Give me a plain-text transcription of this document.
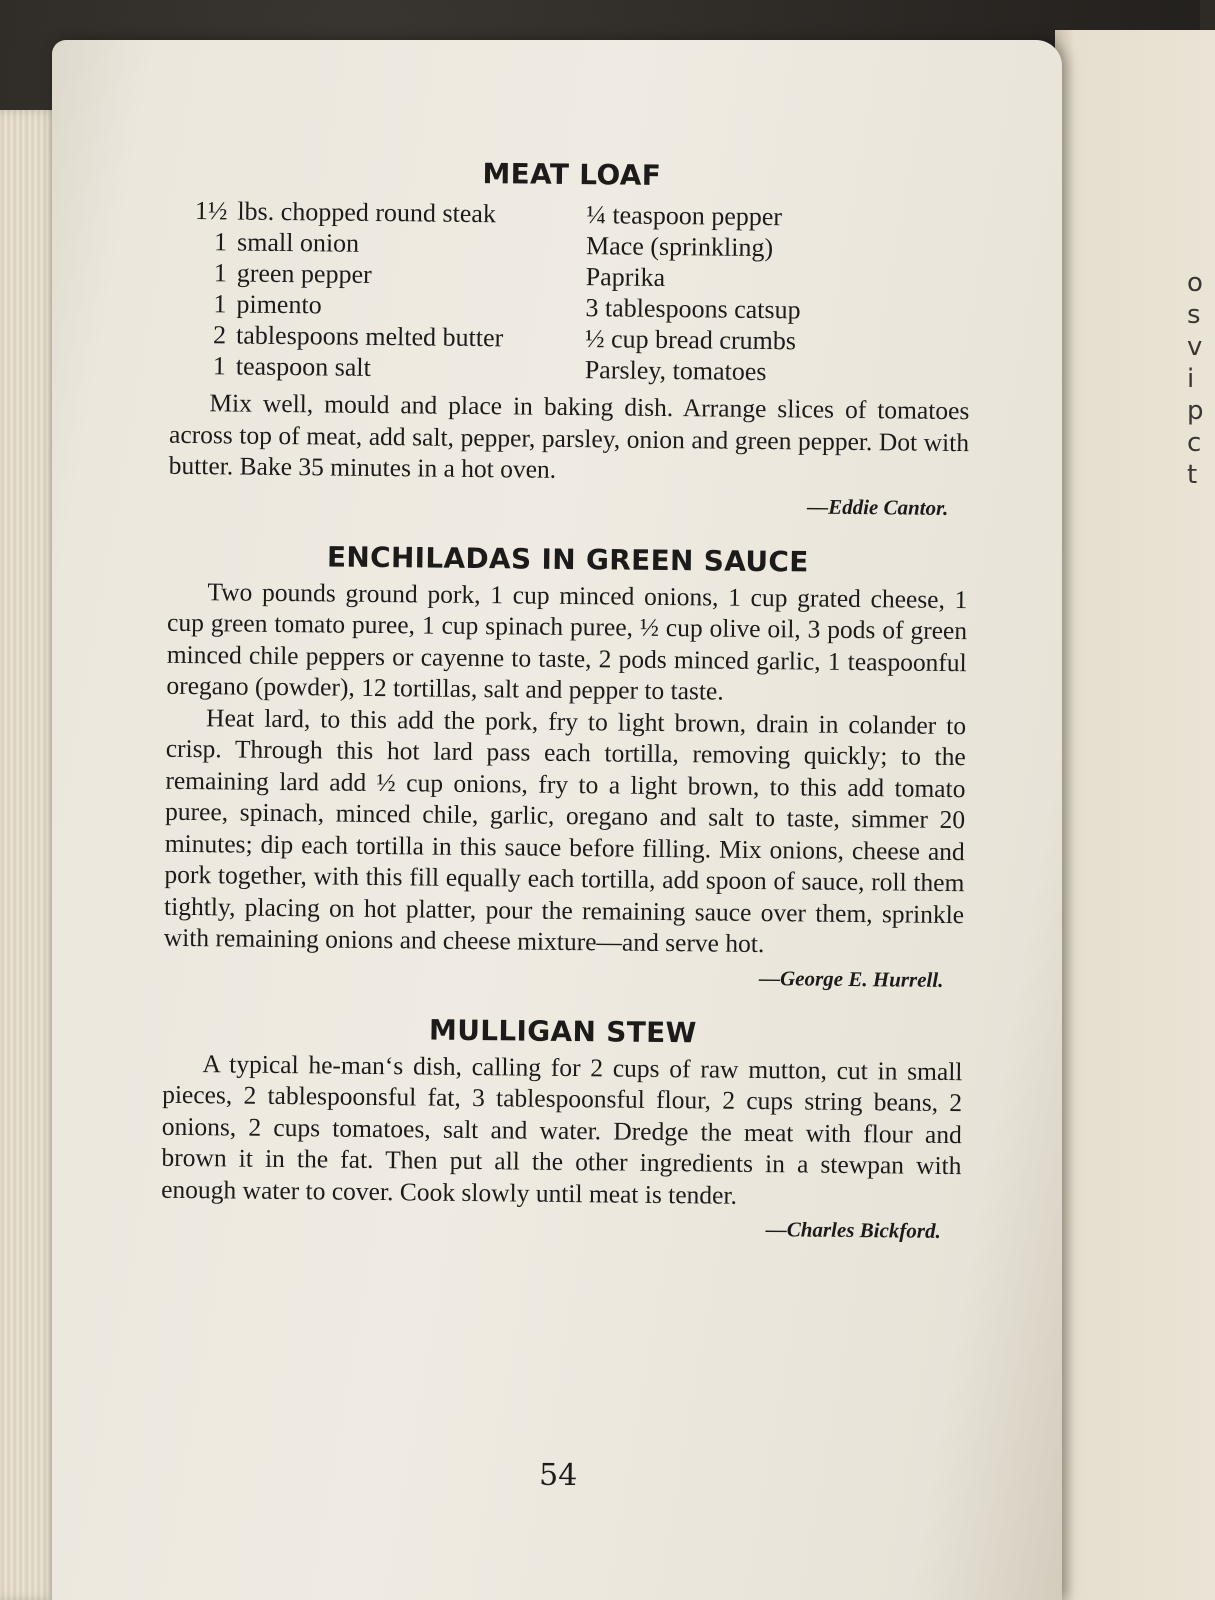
o
s
v
i
p
c
t
MEAT LOAF
1½ lbs. chopped round steak
1 small onion
1 green pepper
1 pimento
2 tablespoons melted butter
1 teaspoon salt
¼ teaspoon pepper
Mace (sprinkling)
Paprika
3 tablespoons catsup
½ cup bread crumbs
Parsley, tomatoes

Mix well, mould and place in baking dish. Arrange slices of tomatoes across top of meat, add salt, pepper, parsley, onion and green pepper. Dot with butter. Bake 35 minutes in a hot oven.

—Eddie Cantor.
ENCHILADAS IN GREEN SAUCE

Two pounds ground pork, 1 cup minced onions, 1 cup grated cheese, 1 cup green tomato puree, 1 cup spinach puree, ½ cup olive oil, 3 pods of green minced chile peppers or cayenne to taste, 2 pods minced garlic, 1 teaspoonful oregano (powder), 12 tortillas, salt and pepper to taste.

Heat lard, to this add the pork, fry to light brown, drain in colander to crisp. Through this hot lard pass each tortilla, removing quickly; to the remaining lard add ½ cup onions, fry to a light brown, to this add tomato puree, spinach, minced chile, garlic, oregano and salt to taste, simmer 20 minutes; dip each tortilla in this sauce before filling. Mix onions, cheese and pork together, with this fill equally each tortilla, add spoon of sauce, roll them tightly, placing on hot platter, pour the remaining sauce over them, sprinkle with remaining onions and cheese mixture—and serve hot.

—George E. Hurrell.
MULLIGAN STEW

A typical he-man‘s dish, calling for 2 cups of raw mutton, cut in small pieces, 2 tablespoonsful fat, 3 tablespoonsful flour, 2 cups string beans, 2 onions, 2 cups tomatoes, salt and water. Dredge the meat with flour and brown it in the fat. Then put all the other ingredients in a stewpan with enough water to cover. Cook slowly until meat is tender.

—Charles Bickford.
54
